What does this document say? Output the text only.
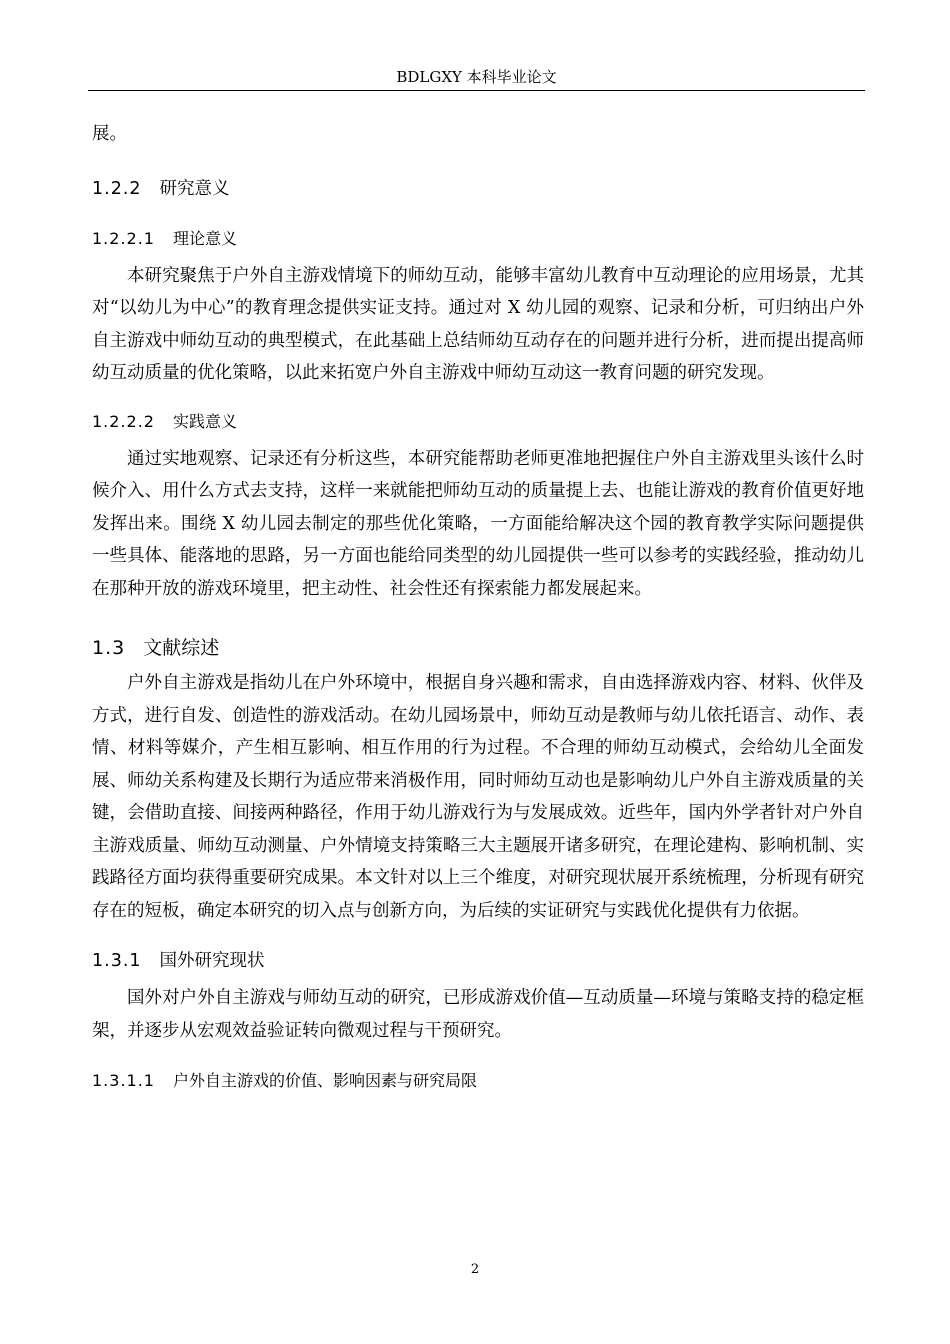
BDLGXY 本科毕业论文

展。

1.2.2 研究意义
1.2.2.1 理论意义

本研究聚焦于户外自主游戏情境下的师幼互动，能够丰富幼儿教育中互动理论的应用场景，尤其对“以幼儿为中心”的教育理念提供实证支持。通过对 X 幼儿园的观察、记录和分析，可归纳出户外自主游戏中师幼互动的典型模式，在此基础上总结师幼互动存在的问题并进行分析，进而提出提高师幼互动质量的优化策略，以此来拓宽户外自主游戏中师幼互动这一教育问题的研究发现。

1.2.2.2 实践意义

通过实地观察、记录还有分析这些，本研究能帮助老师更准地把握住户外自主游戏里头该什么时候介入、用什么方式去支持，这样一来就能把师幼互动的质量提上去、也能让游戏的教育价值更好地发挥出来。围绕 X 幼儿园去制定的那些优化策略，一方面能给解决这个园的教育教学实际问题提供一些具体、能落地的思路，另一方面也能给同类型的幼儿园提供一些可以参考的实践经验，推动幼儿在那种开放的游戏环境里，把主动性、社会性还有探索能力都发展起来。

1.3 文献综述

户外自主游戏是指幼儿在户外环境中，根据自身兴趣和需求，自由选择游戏内容、材料、伙伴及方式，进行自发、创造性的游戏活动。在幼儿园场景中，师幼互动是教师与幼儿依托语言、动作、表情、材料等媒介，产生相互影响、相互作用的行为过程。不合理的师幼互动模式，会给幼儿全面发展、师幼关系构建及长期行为适应带来消极作用，同时师幼互动也是影响幼儿户外自主游戏质量的关键，会借助直接、间接两种路径，作用于幼儿游戏行为与发展成效。近些年，国内外学者针对户外自主游戏质量、师幼互动测量、户外情境支持策略三大主题展开诸多研究，在理论建构、影响机制、实践路径方面均获得重要研究成果。本文针对以上三个维度，对研究现状展开系统梳理，分析现有研究存在的短板，确定本研究的切入点与创新方向，为后续的实证研究与实践优化提供有力依据。

1.3.1 国外研究现状

国外对户外自主游戏与师幼互动的研究，已形成游戏价值—互动质量—环境与策略支持的稳定框架，并逐步从宏观效益验证转向微观过程与干预研究。

1.3.1.1 户外自主游戏的价值、影响因素与研究局限
2
